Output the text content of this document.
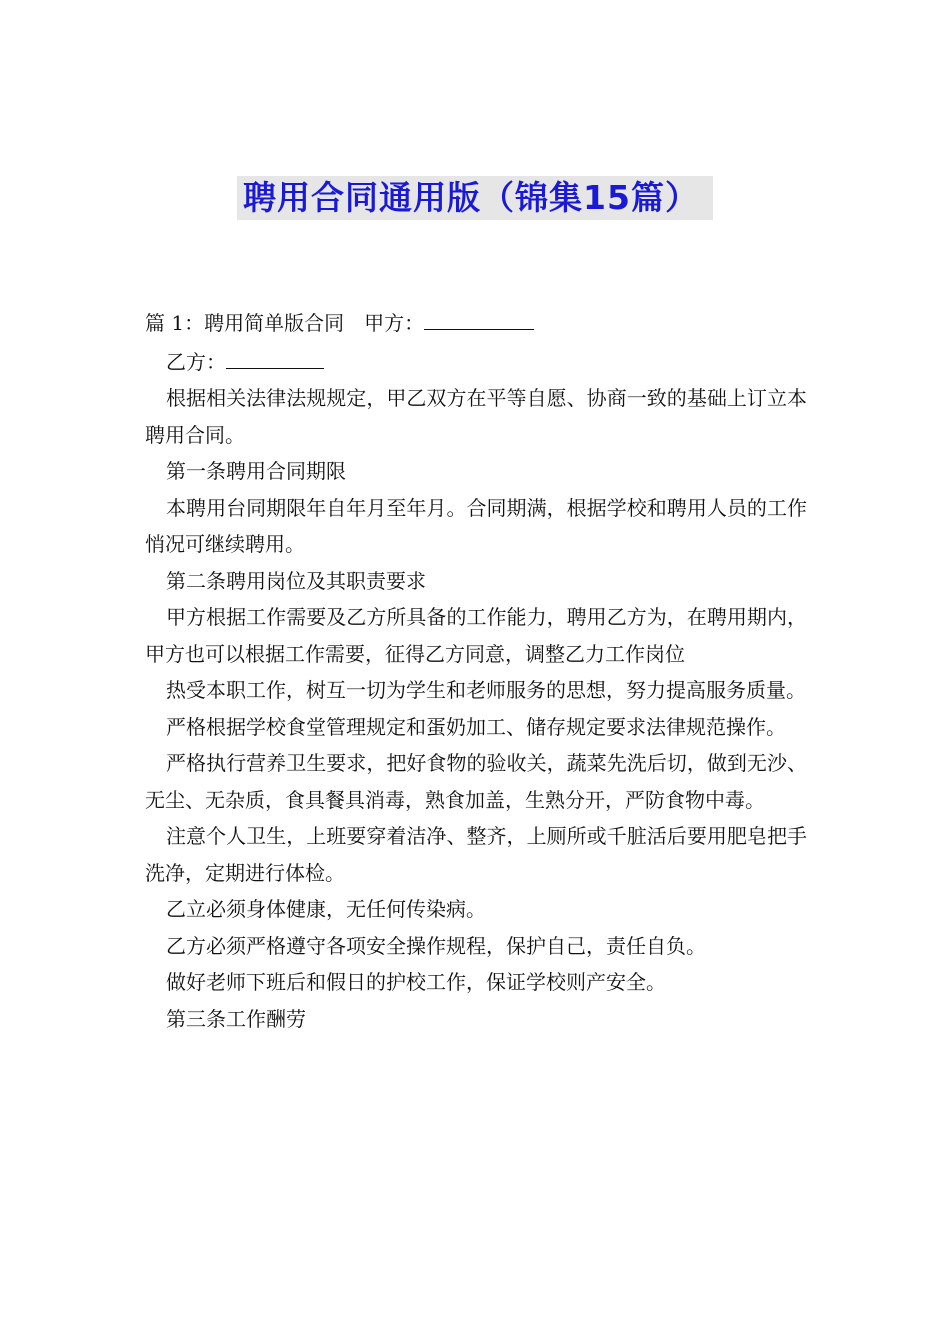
聘用合同通用版（锦集15篇）

篇 1：聘用简单版合同　甲方：

乙方：

根据相关法律法规规定，甲乙双方在平等自愿、协商一致的基础上订立本聘用合同。

第一条聘用合同期限

本聘用台同期限年自年月至年月。合同期满，根据学校和聘用人员的工作悄况可继续聘用。

第二条聘用岗位及其职责要求

甲方根据工作需要及乙方所具备的工作能力，聘用乙方为，在聘用期内，甲方也可以根据工作需要，征得乙方同意，调整乙力工作岗位

热受本职工作，树互一切为学生和老师服务的思想，努力提高服务质量。

严格根据学校食堂管理规定和蛋奶加工、储存规定要求法律规范操作。

严格执行营养卫生要求，把好食物的验收关，蔬菜先洗后切，做到无沙、无尘、无杂质，食具餐具消毒，熟食加盖，生熟分开，严防食物中毒。

注意个人卫生，上班要穿着洁净、整齐，上厕所或千脏活后要用肥皂把手洗净，定期进行体检。

乙立必须身体健康，无任何传染病。

乙方必须严格遵守各项安全操作规程，保护自己，责任自负。

做好老师下班后和假日的护校工作，保证学校则产安全。

第三条工作酬劳
